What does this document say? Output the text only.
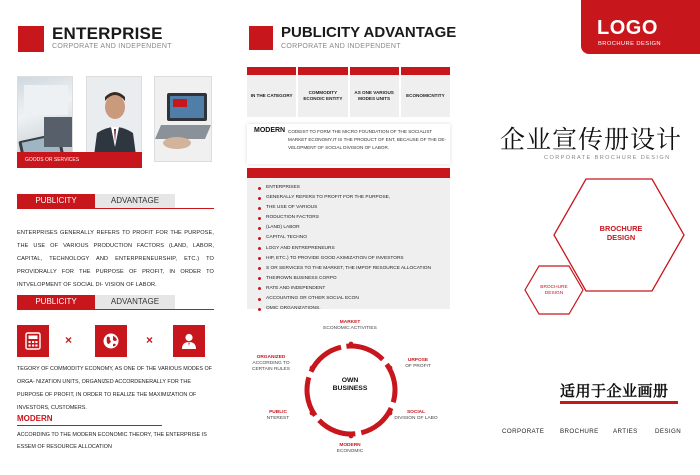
ENTERPRISE
CORPORATE AND INDEPENDENT
GOODS OR SERVICES
PUBLICITY	ADVANTAGE
ENTERPRISES GENERALLY REFERS TO PROFIT FOR THE PURPOSE, THE USE OF VARIOUS PRODUCTION FACTORS (LAND, LABOR, CAPITAL, TECHNOLOGY AND ENTERPRENEURSHIP, ETC.) TO PROVIDRALLY FOR THE PURPOSE OF PROFIT, IN ORDER TO INTVELOPMENT OF SOCIAL DI- VISION OF LABOR.
PUBLICITY	ADVANTAGE
×	×
TEGORY OF COMMODITY ECONOMY, AS ONE OF THE VARIOUS MODES OF ORGA- NIZATION UNITS, ORGANIZED ACCORDENERALLY FOR THE PURPOSE OF PROFIT, IN ORDER TO REALIZE THE MAXIMIZATION OF INVESTORS, CUSTOMERS.
MODERN
ACCORDING TO THE MODERN ECONOMIC THEORY, THE ENTERPRISE IS ESSEM OF RESOURCE ALLOCATION
PUBLICITY ADVANTAGE
CORPORATE AND INDEPENDENT
IN THE CATEGORY
COMMODITY ECONOIC ENTITY
AS ONE VARIOUS MODES UNITS
ECONOMICNTITY
MODERN CODEIST TO FORM THE MICRO FOUNDATION OF THE SOCIALIST MARKET ECONOMY,IT IS THE PRODUCT OF ENT, BECAUSE OF THE DE- VELOPMENT OF SOCIAL DIVISION OF LABOR.
ENTERPRISES
GENERALLY REFERS TO PROFIT FOR THE PURPOSE,
THE USE OF VARIOUS
RODUCTION FACTORS
(LAND) LABOR
CAPITAL TECHNO
LOGY AND ENTREPRENEURS
HIP, ETC.) TO PROVIDE GOOD AXIMIZATION OF INVESTORS
S OR SERVICES TO THE MARKET, THE IMPOF RESOURCE ALLOCATION
THEIROWN BUSINESS CORPO
RATE AND INDEPENDENT
ACCOUNTING OR OTHER SOCIAL ECON
OMIC ORGANIZATIONS.
OWN
BUSINESS
MARKET
ECONOMIC ACTIVITIES
URPOSE
OF PROFIT
SOCIAL
DIVISION OF LABO
MODERN
ECONOMIC
PUBLIC
NTEREST
ORGANIZED
ACCORDING TO
CERTAIN RULES
LOGO
BROCHURE DESIGN
企业宣传册设计
CORPORATE BROCHURE DESIGN
BROCHURE
DESIGN
BROCHURE
DESIGN
适用于企业画册
CORPORATE	BROCHURE ARTIES	DESIGN
